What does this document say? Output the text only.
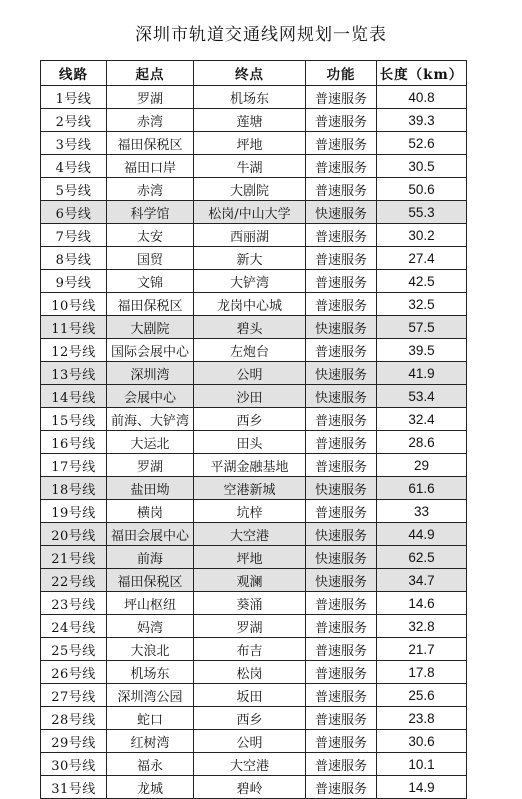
深圳市轨道交通线网规划一览表
线路	起点	终点	功能	长度（km）
1号线	罗湖	机场东	普速服务	40.8
2号线	赤湾	莲塘	普速服务	39.3
3号线	福田保税区	坪地	普速服务	52.6
4号线	福田口岸	牛湖	普速服务	30.5
5号线	赤湾	大剧院	普速服务	50.6
6号线	科学馆	松岗/中山大学	快速服务	55.3
7号线	太安	西丽湖	普速服务	30.2
8号线	国贸	新大	普速服务	27.4
9号线	文锦	大铲湾	普速服务	42.5
10号线	福田保税区	龙岗中心城	普速服务	32.5
11号线	大剧院	碧头	快速服务	57.5
12号线	国际会展中心	左炮台	普速服务	39.5
13号线	深圳湾	公明	快速服务	41.9
14号线	会展中心	沙田	快速服务	53.4
15号线	前海、大铲湾	西乡	普速服务	32.4
16号线	大运北	田头	普速服务	28.6
17号线	罗湖	平湖金融基地	普速服务	29
18号线	盐田坳	空港新城	快速服务	61.6
19号线	横岗	坑梓	普速服务	33
20号线	福田会展中心	大空港	快速服务	44.9
21号线	前海	坪地	快速服务	62.5
22号线	福田保税区	观澜	快速服务	34.7
23号线	坪山枢纽	葵涌	普速服务	14.6
24号线	妈湾	罗湖	普速服务	32.8
25号线	大浪北	布吉	普速服务	21.7
26号线	机场东	松岗	普速服务	17.8
27号线	深圳湾公园	坂田	普速服务	25.6
28号线	蛇口	西乡	普速服务	23.8
29号线	红树湾	公明	普速服务	30.6
30号线	福永	大空港	普速服务	10.1
31号线	龙城	碧岭	普速服务	14.9
